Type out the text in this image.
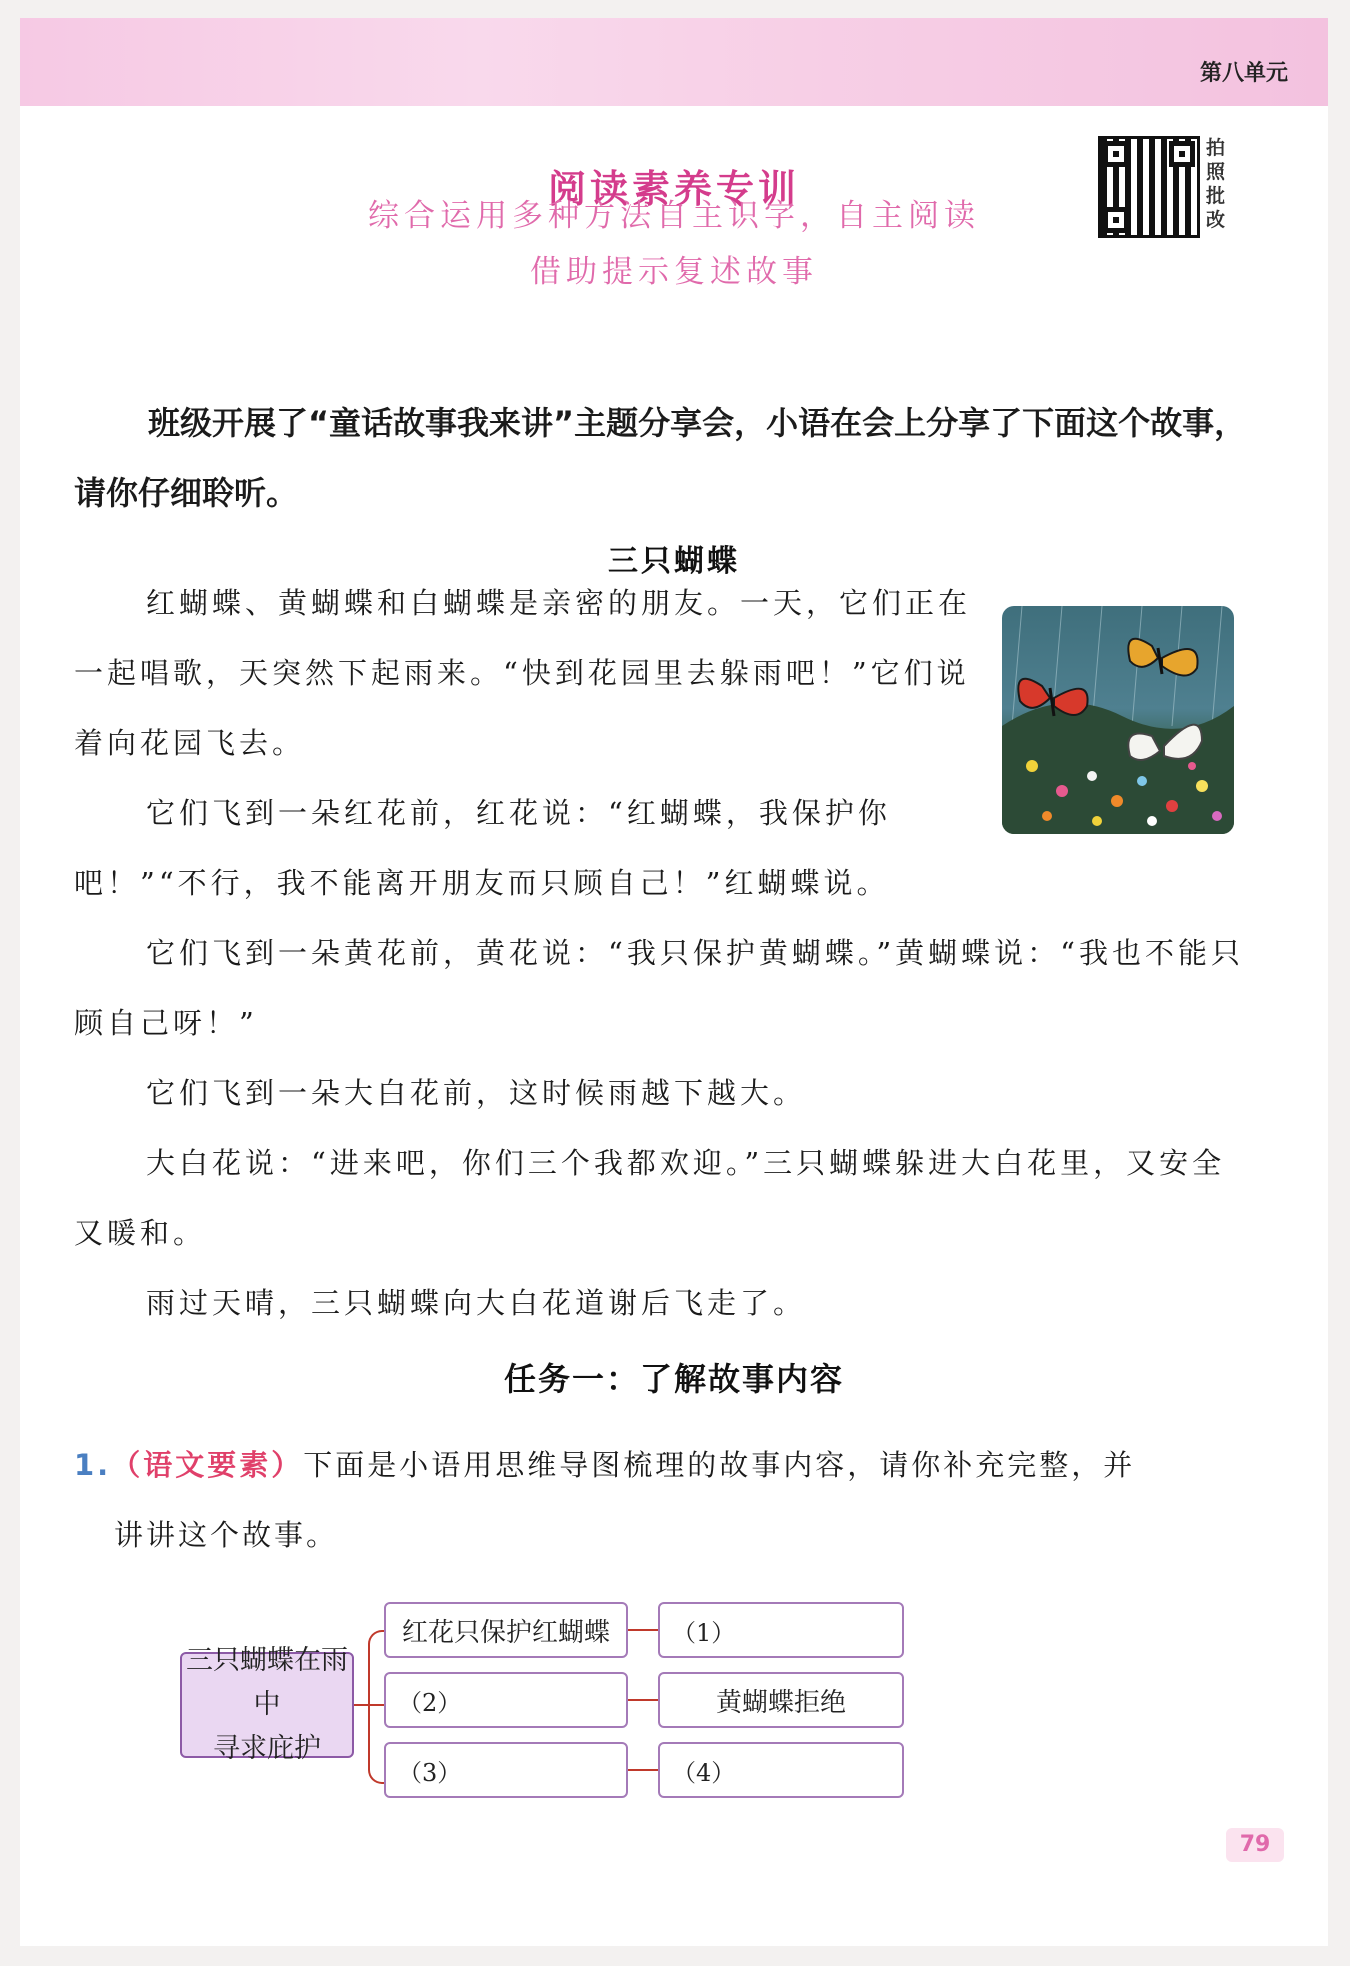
第八单元
拍照批改
阅读素养专训
综合运用多种方法自主识字，自主阅读
借助提示复述故事
班级开展了“童话故事我来讲”主题分享会，小语在会上分享了下面这个故事，请你仔细聆听。
三只蝴蝶

红蝴蝶、黄蝴蝶和白蝴蝶是亲密的朋友。一天，它们正在一起唱歌，天突然下起雨来。“快到花园里去躲雨吧！”它们说着向花园飞去。

它们飞到一朵红花前，红花说：“红蝴蝶，我保护你吧！”“不行，我不能离开朋友而只顾自己！”红蝴蝶说。

它们飞到一朵黄花前，黄花说：“我只保护黄蝴蝶。”黄蝴蝶说：“我也不能只顾自己呀！”

它们飞到一朵大白花前，这时候雨越下越大。

大白花说：“进来吧，你们三个我都欢迎。”三只蝴蝶躲进大白花里，又安全又暖和。

雨过天晴，三只蝴蝶向大白花道谢后飞走了。

任务一：了解故事内容
1.（语文要素）下面是小语用思维导图梳理的故事内容，请你补充完整，并
讲讲这个故事。
三只蝴蝶在雨中
寻求庇护
红花只保护红蝴蝶	（1）
（2）	黄蝴蝶拒绝
（3）	（4）
79
